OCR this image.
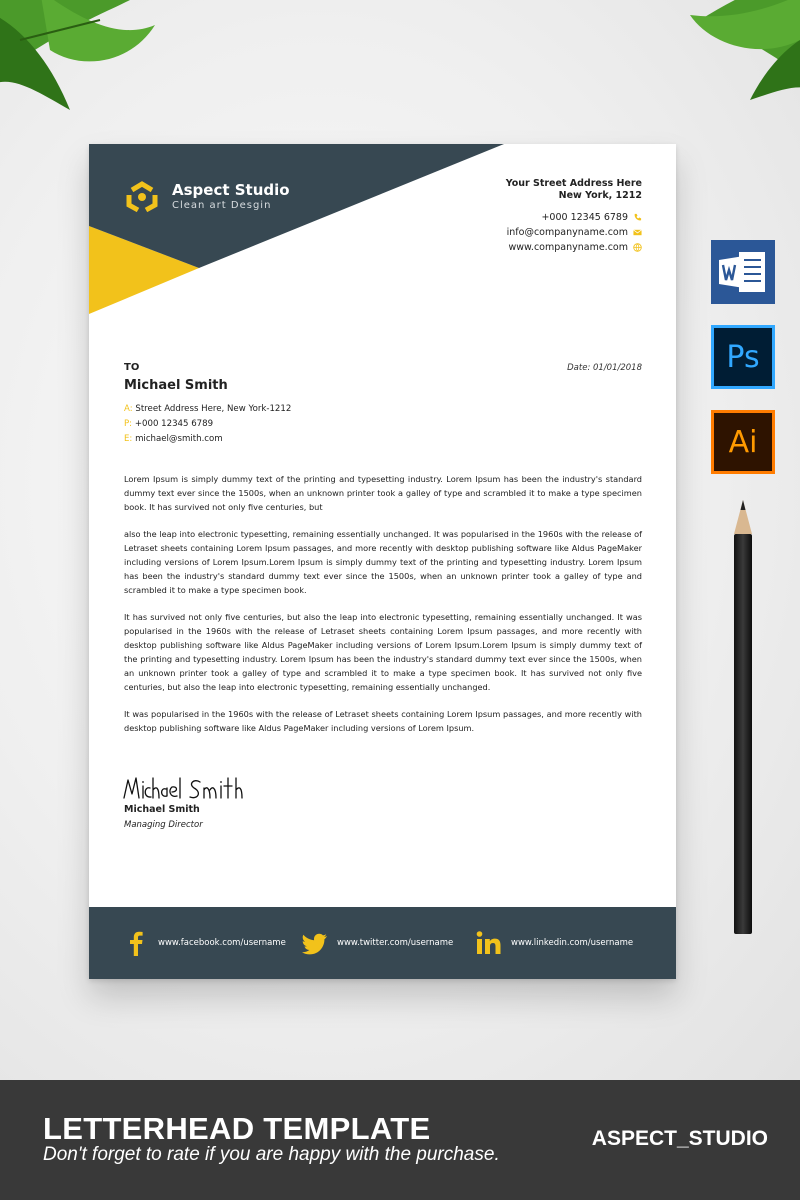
Aspect Studio
Clean art Desgin
Your Street Address Here
New York, 1212
+000 12345 6789
info@companyname.com
www.companyname.com
Date: 01/01/2018
TO
Michael Smith
A: Street Address Here, New York-1212
P: +000 12345 6789
E: michael@smith.com

Lorem Ipsum is simply dummy text of the printing and typesetting industry. Lorem Ipsum has been the industry's standard dummy text ever since the 1500s, when an unknown printer took a galley of type and scrambled it to make a type specimen book. It has survived not only five centuries, but

also the leap into electronic typesetting, remaining essentially unchanged. It was popularised in the 1960s with the release of Letraset sheets containing Lorem Ipsum passages, and more recently with desktop publishing software like Aldus PageMaker including versions of Lorem Ipsum.Lorem Ipsum is simply dummy text of the printing and typesetting industry. Lorem Ipsum has been the industry's standard dummy text ever since the 1500s, when an unknown printer took a galley of type and scrambled it to make a type specimen book.

It has survived not only five centuries, but also the leap into electronic typesetting, remaining essentially unchanged. It was popularised in the 1960s with the release of Letraset sheets containing Lorem Ipsum passages, and more recently with desktop publishing software like Aldus PageMaker including versions of Lorem Ipsum.Lorem Ipsum is simply dummy text of the printing and typesetting industry. Lorem Ipsum has been the industry's standard dummy text ever since the 1500s, when an unknown printer took a galley of type and scrambled it to make a type specimen book. It has survived not only five centuries, but also the leap into electronic typesetting, remaining essentially unchanged.

It was popularised in the 1960s with the release of Letraset sheets containing Lorem Ipsum passages, and more recently with desktop publishing software like Aldus PageMaker including versions of Lorem Ipsum.

Michael Smith
Managing Director
www.facebook.com/username	www.twitter.com/username	www.linkedin.com/username
Ps
Ai
LETTERHEAD TEMPLATE
Don't forget to rate if you are happy with the purchase.
ASPECT_STUDIO
